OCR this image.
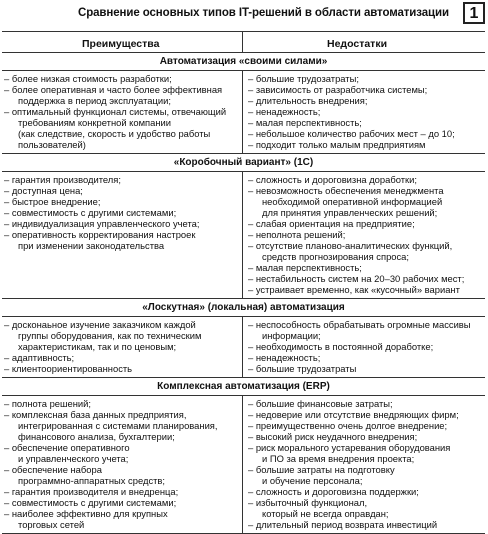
Сравнение основных типов IT-решений в области автоматизации	1
Преимущества	Недостатки
Автоматизация «своими силами»
– более низкая стоимость разработки;
– более оперативная и часто более эффективная
поддержка в период эксплуатации;
– оптимальный функционал системы, отвечающий
требованиям конкретной компании
(как следствие, скорость и удобство работы
пользователей)
– большие трудозатраты;
– зависимость от разработчика системы;
– длительность внедрения;
– ненадежность;
– малая перспективность;
– небольшое количество рабочих мест – до 10;
– подходит только малым предприятиям
«Коробочный вариант» (1С)
– гарантия производителя;
– доступная цена;
– быстрое внедрение;
– совместимость с другими системами;
– индивидуализация управленческого учета;
– оперативность корректирования настроек
при изменении законодательства
– сложность и дороговизна доработки;
– невозможность обеспечения менеджмента
необходимой оперативной информацией
для принятия управленческих решений;
– слабая ориентация на предприятие;
– неполнота решений;
– отсутствие планово-аналитических функций,
средств прогнозирования спроса;
– малая перспективность;
– нестабильность систем на 20–30 рабочих мест;
– устраивает временно, как «кусочный» вариант
«Лоскутная» (локальная) автоматизация
– досконаьное изучение заказчиком каждой
группы оборудования, как по техническим
характеристикам, так и по ценовым;
– адаптивность;
– клиентоориентированность
– неспособность обрабатывать огромные массивы
информации;
– необходимость в постоянной доработке;
– ненадежность;
– большие трудозатраты
Комплексная автоматизация (ERP)
– полнота решений;
– комплексная база данных предприятия,
интегрированная с системами планирования,
финансового анализа, бухгалтерии;
– обеспечение оперативного
и управленческого учета;
– обеспечение набора
программно-аппаратных средств;
– гарантия производителя и внедренца;
– совместимость с другими системами;
– наиболее эффективно для крупных
торговых сетей
– большие финансовые затраты;
– недоверие или отсутствие внедряющих фирм;
– преимущественно очень долгое внедрение;
– высокий риск неудачного внедрения;
– риск морального устаревания оборудования
и ПО за время внедрения проекта;
– большие затраты на подготовку
и обучение персонала;
– сложность и дороговизна поддержки;
– избыточный функционал,
который не всегда оправдан;
– длительный период возврата инвестиций
